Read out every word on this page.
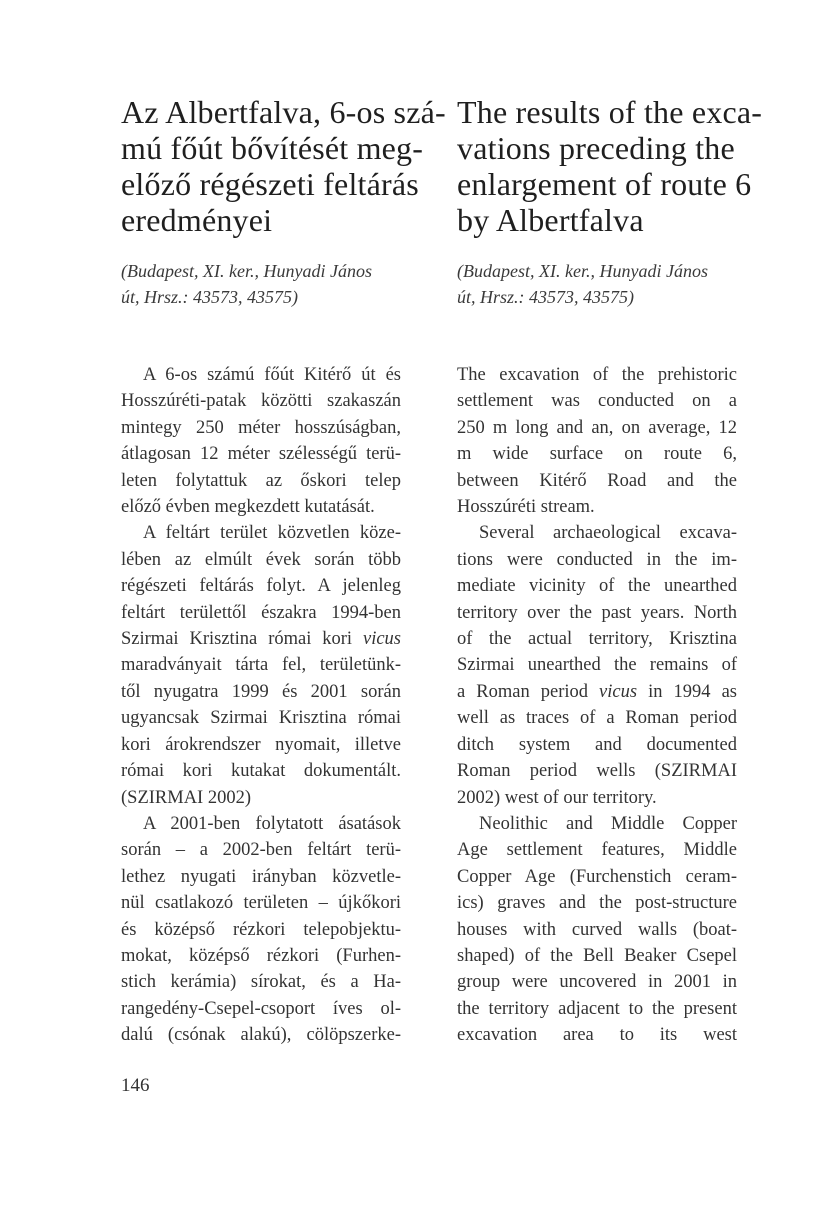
Az Albertfalva, 6-os szá-
mú főút bővítését meg-
előző régészeti feltárás
eredményei
(Budapest, XI. ker., Hunyadi János
út, Hrsz.: 43573, 43575)

A 6-os számú főút Kitérő út és
Hosszúréti-patak közötti szakaszán
mintegy 250 méter hosszúságban,
átlagosan 12 méter szélességű terü-
leten folytattuk az őskori telep
előző évben megkezdett kutatását.

A feltárt terület közvetlen köze-
lében az elmúlt évek során több
régészeti feltárás folyt. A jelenleg
feltárt területtől északra 1994-ben
Szirmai Krisztina római kori vicus
maradványait tárta fel, területünk-
től nyugatra 1999 és 2001 során
ugyancsak Szirmai Krisztina római
kori árokrendszer nyomait, illetve
római kori kutakat dokumentált.
(SZIRMAI 2002)

A 2001-ben folytatott ásatások
során – a 2002-ben feltárt terü-
lethez nyugati irányban közvetle-
nül csatlakozó területen – újkőkori
és középső rézkori telepobjektu-
mokat, középső rézkori (Furhen-
stich kerámia) sírokat, és a Ha-
rangedény-Csepel-csoport íves ol-
dalú (csónak alakú), cölöpszerke-

The results of the exca-
vations preceding the
enlargement of route 6
by Albertfalva
(Budapest, XI. ker., Hunyadi János
út, Hrsz.: 43573, 43575)

The excavation of the prehistoric
settlement was conducted on a
250 m long and an, on average, 12
m wide surface on route 6,
between Kitérő Road and the
Hosszúréti stream.

Several archaeological excava-
tions were conducted in the im-
mediate vicinity of the unearthed
territory over the past years. North
of the actual territory, Krisztina
Szirmai unearthed the remains of
a Roman period vicus in 1994 as
well as traces of a Roman period
ditch system and documented
Roman period wells (SZIRMAI
2002) west of our territory.

Neolithic and Middle Copper
Age settlement features, Middle
Copper Age (Furchenstich ceram-
ics) graves and the post-structure
houses with curved walls (boat-
shaped) of the Bell Beaker Csepel
group were uncovered in 2001 in
the territory adjacent to the present
excavation area to its west

146
